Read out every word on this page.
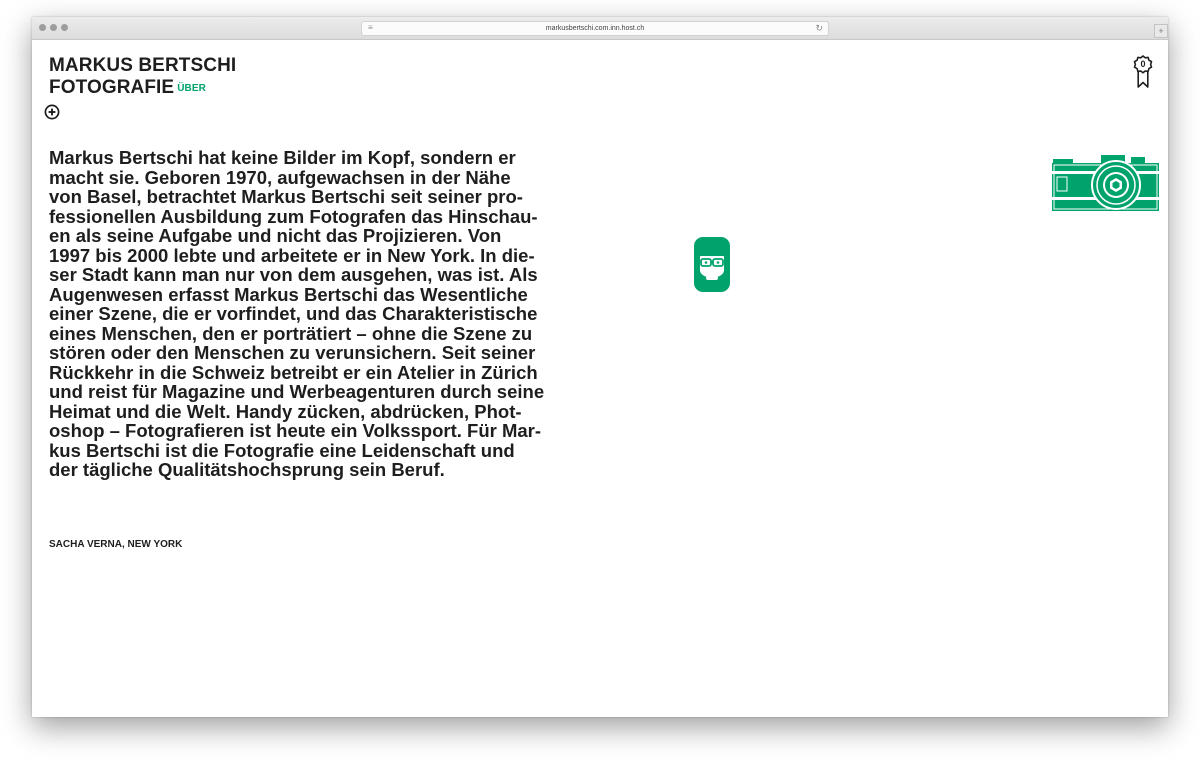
≡	markusbertschi.com.inn.host.ch	↻	+
MARKUS BERTSCHI
FOTOGRAFIE $^{ÜBER}$
0
Markus Bertschi hat keine Bilder im Kopf, sondern er
macht sie. Geboren 1970, aufgewachsen in der Nähe
von Basel, betrachtet Markus Bertschi seit seiner pro-
fessionellen Ausbildung zum Fotografen das Hinschau-
en als seine Aufgabe und nicht das Projizieren. Von
1997 bis 2000 lebte und arbeitete er in New York. In die-
ser Stadt kann man nur von dem ausgehen, was ist. Als
Augenwesen erfasst Markus Bertschi das Wesentliche
einer Szene, die er vorfindet, und das Charakteristische
eines Menschen, den er porträtiert – ohne die Szene zu
stören oder den Menschen zu verunsichern. Seit seiner
Rückkehr in die Schweiz betreibt er ein Atelier in Zürich
und reist für Magazine und Werbeagenturen durch seine
Heimat und die Welt. Handy zücken, abdrücken, Phot-
oshop – Fotografieren ist heute ein Volkssport. Für Mar-
kus Bertschi ist die Fotografie eine Leidenschaft und
der tägliche Qualitätshochsprung sein Beruf.
SACHA VERNA, NEW YORK
